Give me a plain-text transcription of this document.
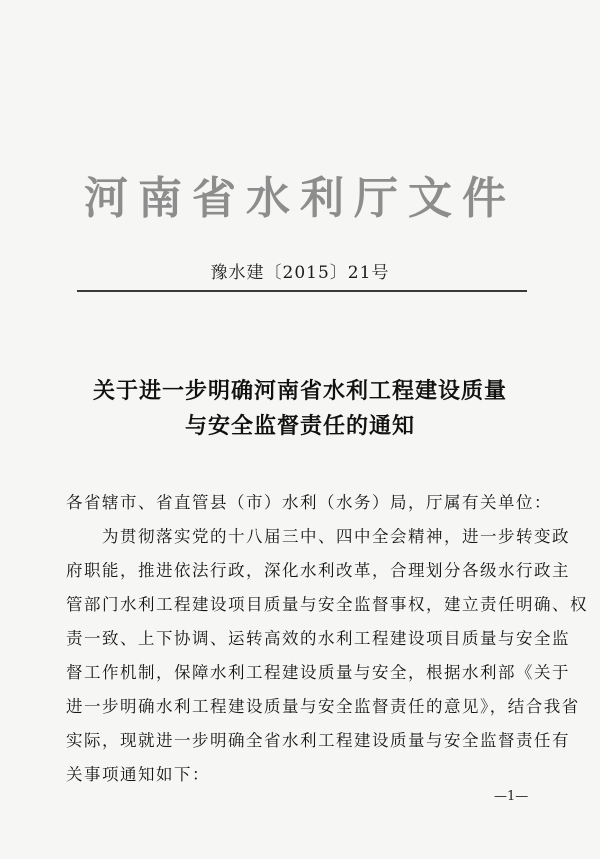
河南省水利厅文件
豫水建〔2015〕21号
关于进一步明确河南省水利工程建设质量
与安全监督责任的通知
各省辖市、省直管县（市）水利（水务）局，厅属有关单位：
为贯彻落实党的十八届三中、四中全会精神，进一步转变政
府职能，推进依法行政，深化水利改革，合理划分各级水行政主
管部门水利工程建设项目质量与安全监督事权，建立责任明确、权
责一致、上下协调、运转高效的水利工程建设项目质量与安全监
督工作机制，保障水利工程建设质量与安全，根据水利部《关于
进一步明确水利工程建设质量与安全监督责任的意见》，结合我省
实际，现就进一步明确全省水利工程建设质量与安全监督责任有
关事项通知如下：
—1—
